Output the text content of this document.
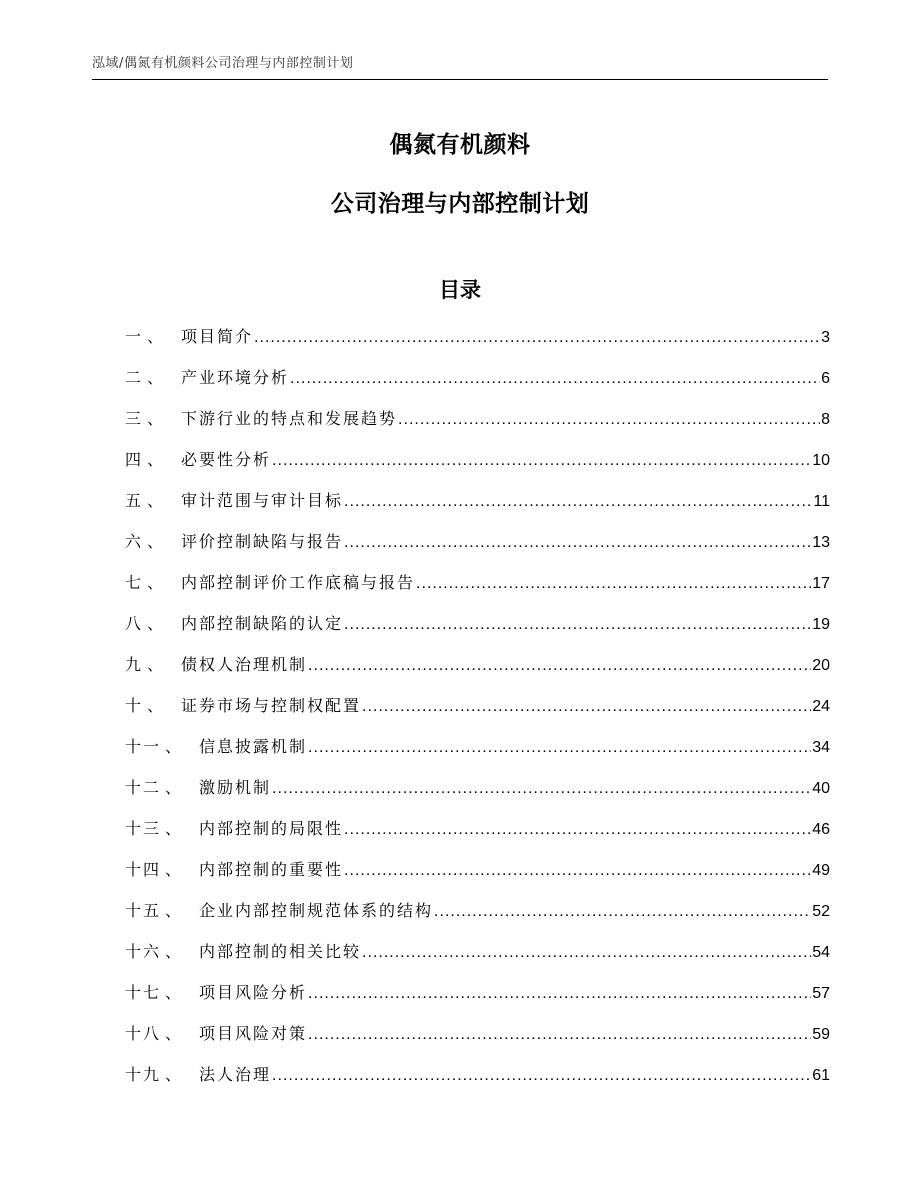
泓域/偶氮有机颜料公司治理与内部控制计划
偶氮有机颜料
公司治理与内部控制计划
目录
一 、	项目简介 .....	3
二 、	产业环境分析 .....	6
三 、	下游行业的特点和发展趋势 .....	8
四 、	必要性分析 .....	10
五 、	审计范围与审计目标 .....	11
六 、	评价控制缺陷与报告 .....	13
七 、	内部控制评价工作底稿与报告 .....	17
八 、	内部控制缺陷的认定 .....	19
九 、	债权人治理机制 .....	20
十 、	证券市场与控制权配置 .....	24
十一 、	信息披露机制 .....	34
十二 、	激励机制 .....	40
十三 、	内部控制的局限性 .....	46
十四 、	内部控制的重要性 .....	49
十五 、	企业内部控制规范体系的结构 .....	52
十六 、	内部控制的相关比较 .....	54
十七 、	项目风险分析 .....	57
十八 、	项目风险对策 .....	59
十九 、	法人治理 .....	61
